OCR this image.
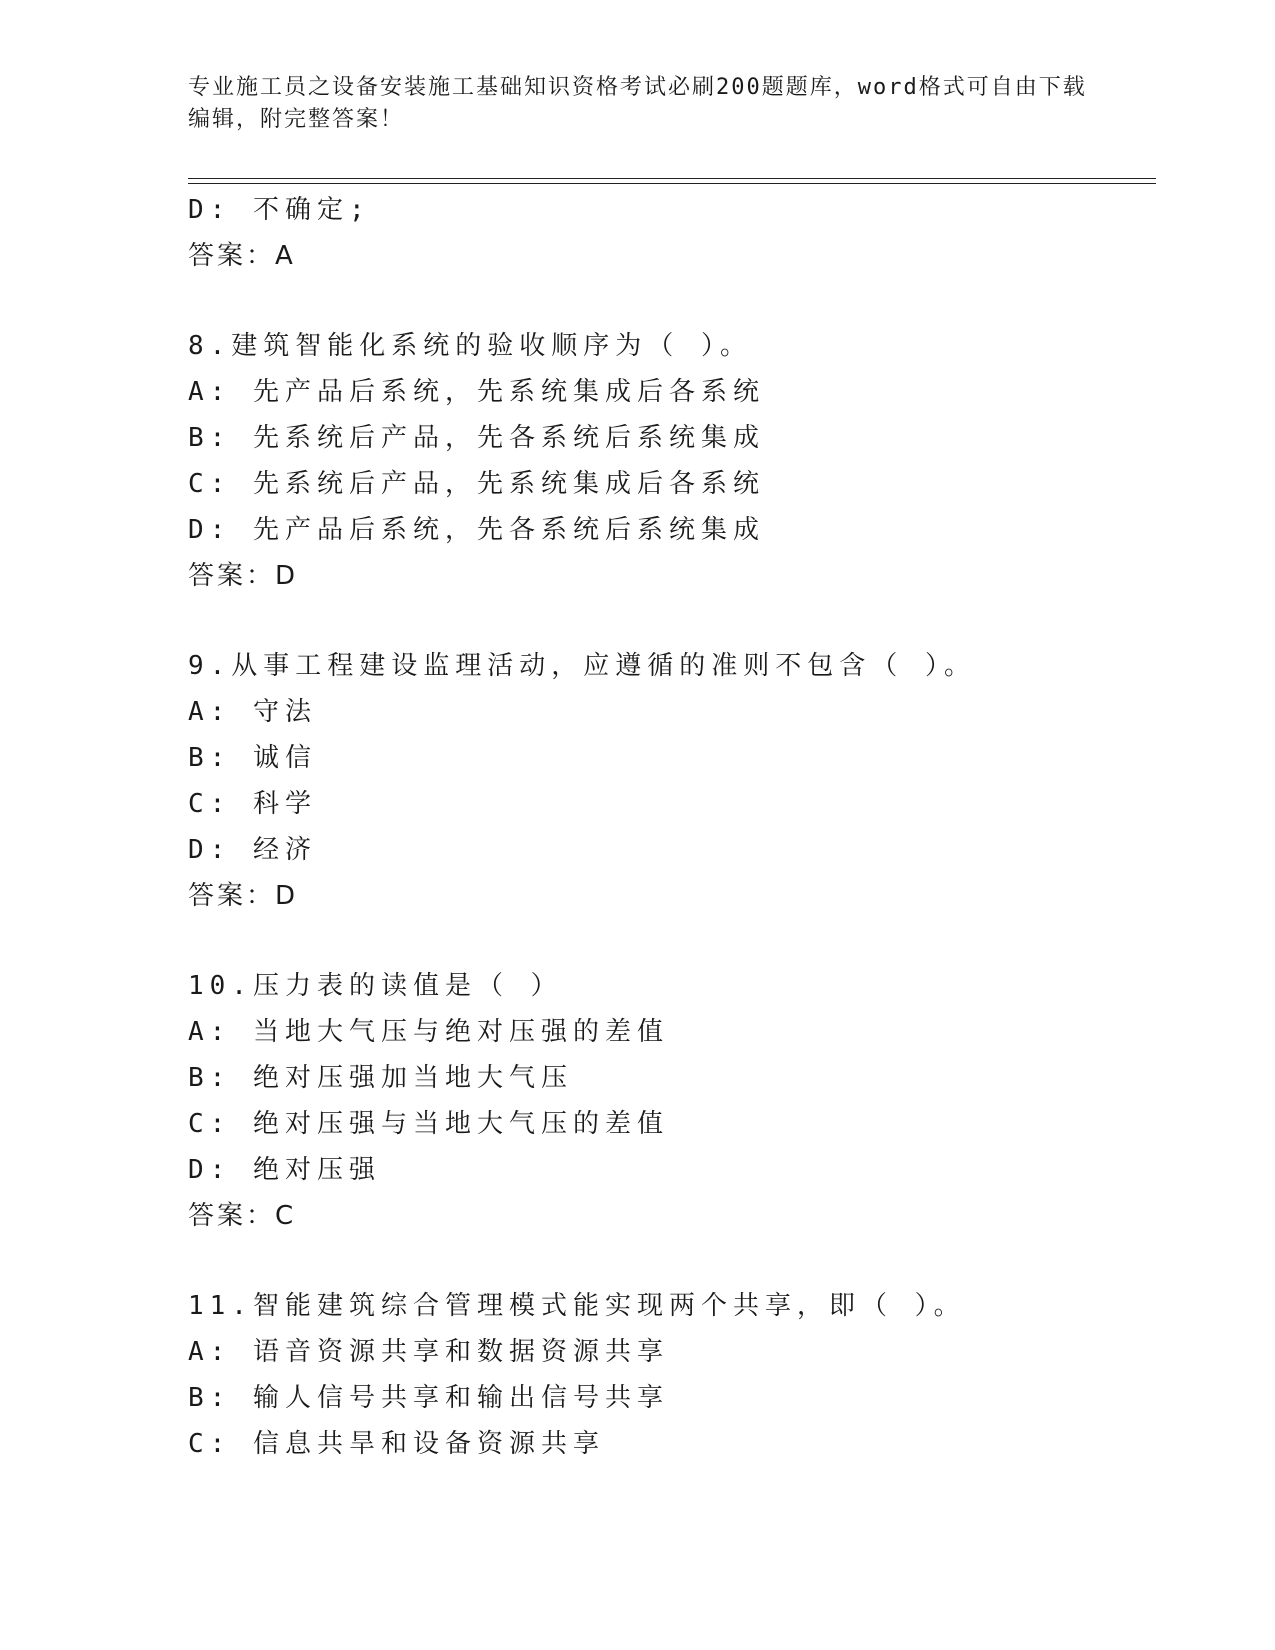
专业施工员之设备安装施工基础知识资格考试必刷200题题库，word格式可自由下载编辑，附完整答案！
D: 不确定;
答案：A
8.建筑智能化系统的验收顺序为（ ）。
A: 先产品后系统，先系统集成后各系统
B: 先系统后产品，先各系统后系统集成
C: 先系统后产品，先系统集成后各系统
D: 先产品后系统，先各系统后系统集成
答案：D
9.从事工程建设监理活动，应遵循的准则不包含（ ）。
A: 守法
B: 诚信
C: 科学
D: 经济
答案：D
10.压力表的读值是（ ）
A: 当地大气压与绝对压强的差值
B: 绝对压强加当地大气压
C: 绝对压强与当地大气压的差值
D: 绝对压强
答案：C
11.智能建筑综合管理模式能实现两个共享，即（ ）。
A: 语音资源共享和数据资源共享
B: 输人信号共享和输出信号共享
C: 信息共旱和设备资源共享
